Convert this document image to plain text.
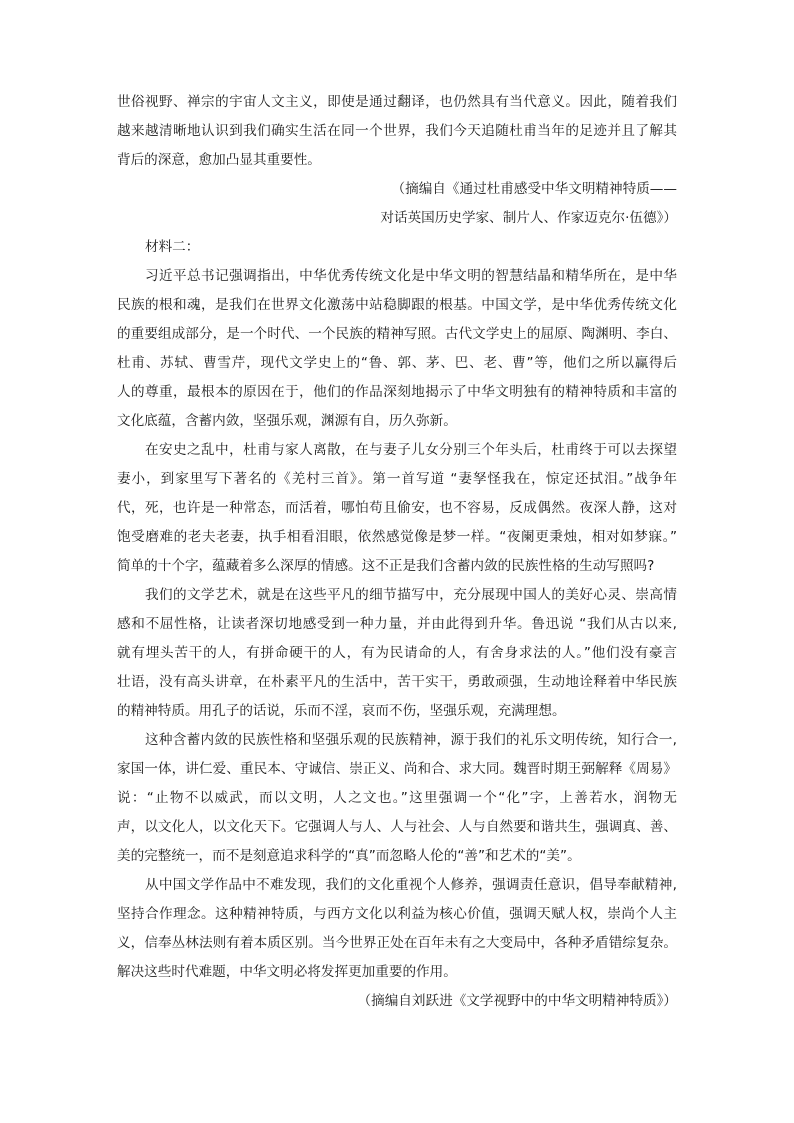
世俗视野、禅宗的宇宙人文主义，即使是通过翻译，也仍然具有当代意义。因此，随着我们
越来越清晰地认识到我们确实生活在同一个世界，我们今天追随杜甫当年的足迹并且了解其
背后的深意，愈加凸显其重要性。
（摘编自《通过杜甫感受中华文明精神特质——
对话英国历史学家、制片人、作家迈克尔·伍德》）
材料二：
习近平总书记强调指出，中华优秀传统文化是中华文明的智慧结晶和精华所在，是中华
民族的根和魂，是我们在世界文化激荡中站稳脚跟的根基。中国文学，是中华优秀传统文化
的重要组成部分，是一个时代、一个民族的精神写照。古代文学史上的屈原、陶渊明、李白、
杜甫、苏轼、曹雪芹，现代文学史上的“鲁、郭、茅、巴、老、曹”等，他们之所以赢得后
人的尊重，最根本的原因在于，他们的作品深刻地揭示了中华文明独有的精神特质和丰富的
文化底蕴，含蓄内敛，坚强乐观，渊源有自，历久弥新。
在安史之乱中，杜甫与家人离散，在与妻子儿女分别三个年头后，杜甫终于可以去探望
妻小，到家里写下著名的《羌村三首》。第一首写道 “妻孥怪我在，惊定还拭泪。”战争年
代，死，也许是一种常态，而活着，哪怕苟且偷安，也不容易，反成偶然。夜深人静，这对
饱受磨难的老夫老妻，执手相看泪眼，依然感觉像是梦一样。“夜阑更秉烛，相对如梦寐。”
简单的十个字，蕴藏着多么深厚的情感。这不正是我们含蓄内敛的民族性格的生动写照吗?
我们的文学艺术，就是在这些平凡的细节描写中，充分展现中国人的美好心灵、崇高情
感和不屈性格，让读者深切地感受到一种力量，并由此得到升华。鲁迅说 “我们从古以来,
就有埋头苦干的人，有拼命硬干的人，有为民请命的人，有舍身求法的人。”他们没有豪言
壮语，没有高头讲章，在朴素平凡的生活中，苦干实干，勇敢顽强，生动地诠释着中华民族
的精神特质。用孔子的话说，乐而不淫，哀而不伤，坚强乐观，充满理想。
这种含蓄内敛的民族性格和坚强乐观的民族精神，源于我们的礼乐文明传统，知行合一,
家国一体，讲仁爱、重民本、守诚信、崇正义、尚和合、求大同。魏晋时期王弼解释《周易》
说：“止物不以威武，而以文明，人之文也。”这里强调一个“化”字，上善若水，润物无
声，以文化人，以文化天下。它强调人与人、人与社会、人与自然要和谐共生，强调真、善、
美的完整统一，而不是刻意追求科学的“真”而忽略人伦的“善”和艺术的“美”。
从中国文学作品中不难发现，我们的文化重视个人修养，强调责任意识，倡导奉献精神,
坚持合作理念。这种精神特质，与西方文化以利益为核心价值，强调天赋人权，崇尚个人主
义，信奉丛林法则有着本质区别。当今世界正处在百年未有之大变局中，各种矛盾错综复杂。
解决这些时代难题，中华文明必将发挥更加重要的作用。
（摘编自刘跃进《文学视野中的中华文明精神特质》）
